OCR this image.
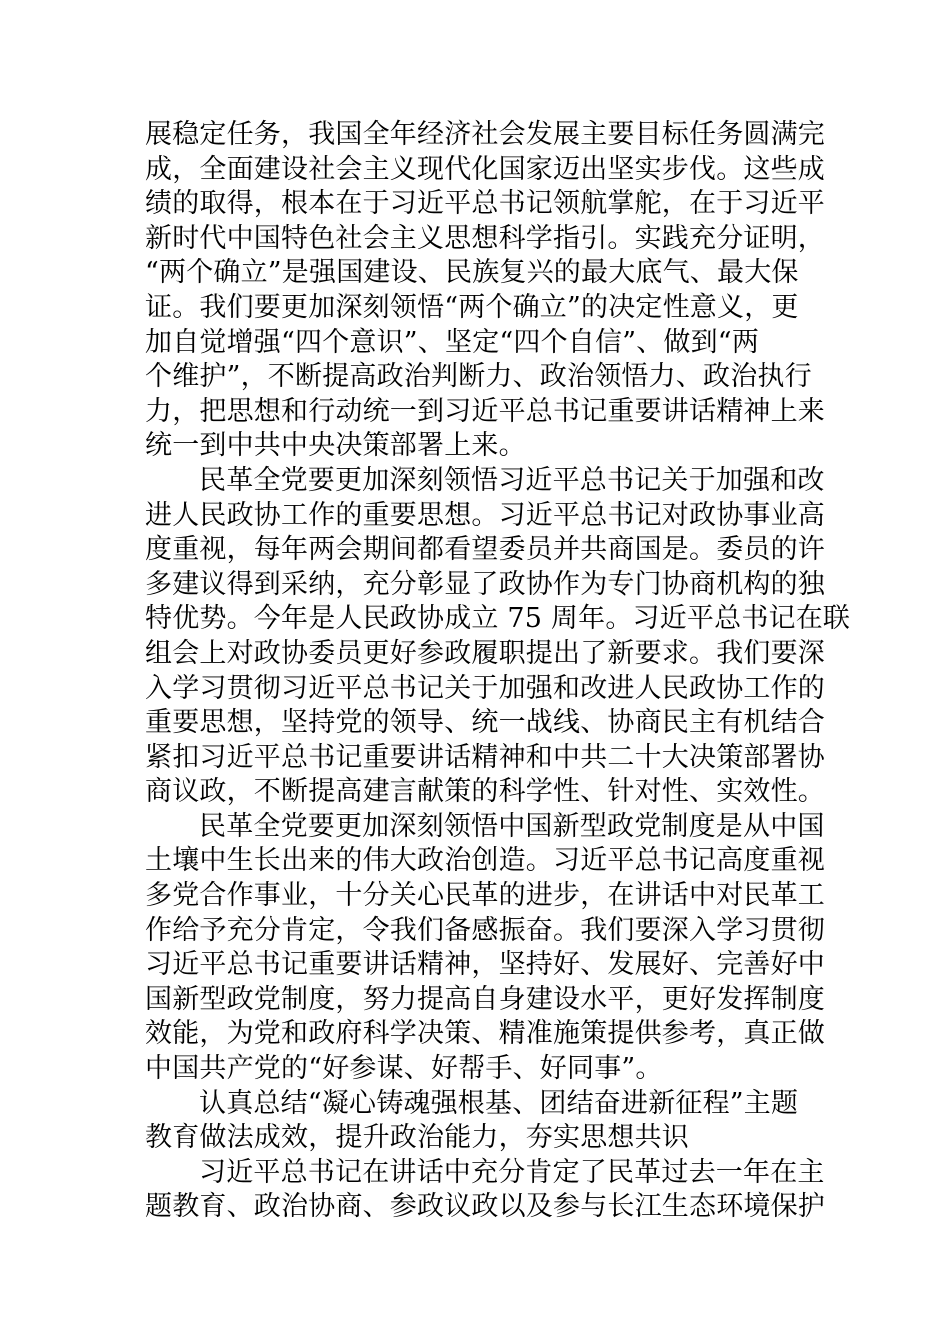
展稳定任务，我国全年经济社会发展主要目标任务圆满完
成，全面建设社会主义现代化国家迈出坚实步伐。这些成
绩的取得，根本在于习近平总书记领航掌舵，在于习近平
新时代中国特色社会主义思想科学指引。实践充分证明，
“两个确立”是强国建设、民族复兴的最大底气、最大保
证。我们要更加深刻领悟“两个确立”的决定性意义，更
加自觉增强“四个意识”、坚定“四个自信”、做到“两
个维护”，不断提高政治判断力、政治领悟力、政治执行
力，把思想和行动统一到习近平总书记重要讲话精神上来
统一到中共中央决策部署上来。
民革全党要更加深刻领悟习近平总书记关于加强和改
进人民政协工作的重要思想。习近平总书记对政协事业高
度重视，每年两会期间都看望委员并共商国是。委员的许
多建议得到采纳，充分彰显了政协作为专门协商机构的独
特优势。今年是人民政协成立 75 周年。习近平总书记在联
组会上对政协委员更好参政履职提出了新要求。我们要深
入学习贯彻习近平总书记关于加强和改进人民政协工作的
重要思想，坚持党的领导、统一战线、协商民主有机结合
紧扣习近平总书记重要讲话精神和中共二十大决策部署协
商议政，不断提高建言献策的科学性、针对性、实效性。
民革全党要更加深刻领悟中国新型政党制度是从中国
土壤中生长出来的伟大政治创造。习近平总书记高度重视
多党合作事业，十分关心民革的进步，在讲话中对民革工
作给予充分肯定，令我们备感振奋。我们要深入学习贯彻
习近平总书记重要讲话精神，坚持好、发展好、完善好中
国新型政党制度，努力提高自身建设水平，更好发挥制度
效能，为党和政府科学决策、精准施策提供参考，真正做
中国共产党的“好参谋、好帮手、好同事”。
认真总结“凝心铸魂强根基、团结奋进新征程”主题
教育做法成效，提升政治能力，夯实思想共识
习近平总书记在讲话中充分肯定了民革过去一年在主
题教育、政治协商、参政议政以及参与长江生态环境保护
